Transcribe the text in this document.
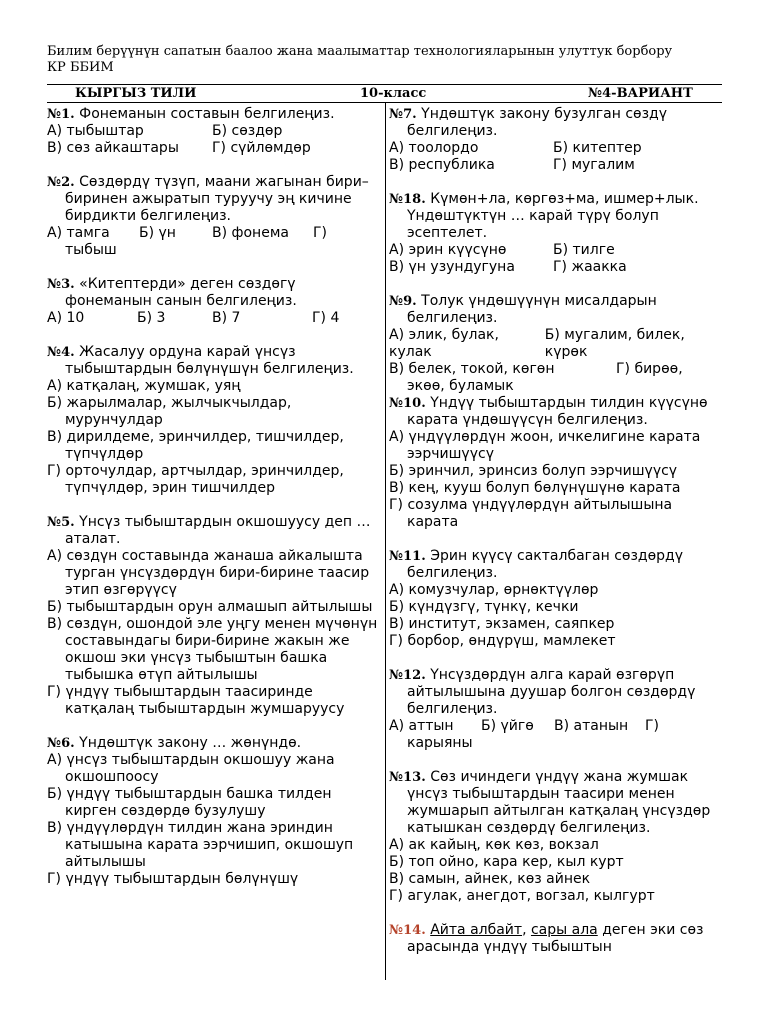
Билим берүүнүн сапатын баалоо жана маалыматтар технологияларынын улуттук борбору
КР ББИМ
КЫРГЫЗ ТИЛИ	10-класс	№4-ВАРИАНТ
№1. Фонеманын составын белгилеңиз.
А) тыбыштар	Б) сөздөр
В) сөз айкаштары	Г) сүйлөмдөр
№2. Сөздөрдү түзүп, маани жагынан бири–биринен ажыратып туруучу эң кичине бирдикти белгилеңиз.
А) тамга	Б) үн	В) фонема	Г)
тыбыш
№3. «Китептерди» деген сөздөгү фонеманын санын белгилеңиз.
А) 10	Б) 3	В) 7	Г) 4
№4. Жасалуу ордуна карай үнсүз тыбыштардын бөлүнүшүн белгилеңиз.
А) катқалаң, жумшак, уяң
Б) жарылмалар, жылчыкчылдар, мурунчулдар
В) дирилдеме, эринчилдер, тишчилдер, түпчүлдөр
Г) орточулдар, артчылдар, эринчилдер, түпчүлдөр, эрин тишчилдер
№5. Үнсүз тыбыштардын окшошуусу деп … аталат.
А) сөздүн составында жанаша айкалышта турган үнсүздөрдүн бири-бирине таасир этип өзгөрүүсү
Б) тыбыштардын орун алмашып айтылышы
В) сөздүн, ошондой эле уңгу менен мүчөнүн составындагы бири-бирине жакын же окшош эки үнсүз тыбыштын башка тыбышка өтүп айтылышы
Г) үндүү тыбыштардын таасиринде катқалаң тыбыштардын жумшаруусу
№6. Үндөштүк закону … жөнүндө.
А) үнсүз тыбыштардын окшошуу жана окшошпоосу
Б) үндүү тыбыштардын башка тилден кирген сөздөрдө бузулушу
В) үндүүлөрдүн тилдин жана эриндин катышына карата ээрчишип, окшошуп айтылышы
Г) үндүү тыбыштардын бөлүнүшү
№7. Үндөштүк закону бузулган сөздү белгилеңиз.
А) тоолордо	Б) китептер
В) республика	Г) мугалим
№18. Күмөн+ла, көргөз+ма, ишмер+лык. Үндөштүктүн … карай түрү болуп эсептелет.
А) эрин күүсүнө	Б) тилге
В) үн узундугуна	Г) жаакка
№9. Толук үндөшүүнүн мисалдарын белгилеңиз.
А) элик, булак, кулак

Б) мугалим, билек, күрөк
В) белек, токой, көгөн	Г) бирөө,
экөө, буламык
№10. Үндүү тыбыштардын тилдин күүсүнө карата үндөшүүсүн белгилеңиз.
А) үндүүлөрдүн жоон, ичкелигине карата ээрчишүүсү
Б) эринчил, эринсиз болуп ээрчишүүсү
В) кең, кууш болуп бөлүнүшүнө карата
Г) созулма үндүүлөрдүн айтылышына карата
№11. Эрин күүсү сакталбаган сөздөрдү белгилеңиз.
А) комузчулар, өрнөктүүлөр
Б) күндүзгү, түнкү, кечки
В) институт, экзамен, саяпкер
Г) борбор, өндүрүш, мамлекет
№12. Үнсүздөрдүн алга карай өзгөрүп айтылышына дуушар болгон сөздөрдү белгилеңиз.
А) аттын	Б) үйгө	В) атанын	Г)
карыяны
№13. Сөз ичиндеги үндүү жана жумшак үнсүз тыбыштардын таасири менен жумшарып айтылган катқалаң үнсүздөр катышкан сөздөрдү белгилеңиз.
А) ак кайың, көк көз, вокзал
Б) топ ойно, кара кер, кыл курт
В) самын, айнек, көз айнек
Г) агулак, анегдот, вогзал, кылгурт
№14. Айта албайт, сары ала деген эки сөз арасында үндүү тыбыштын
